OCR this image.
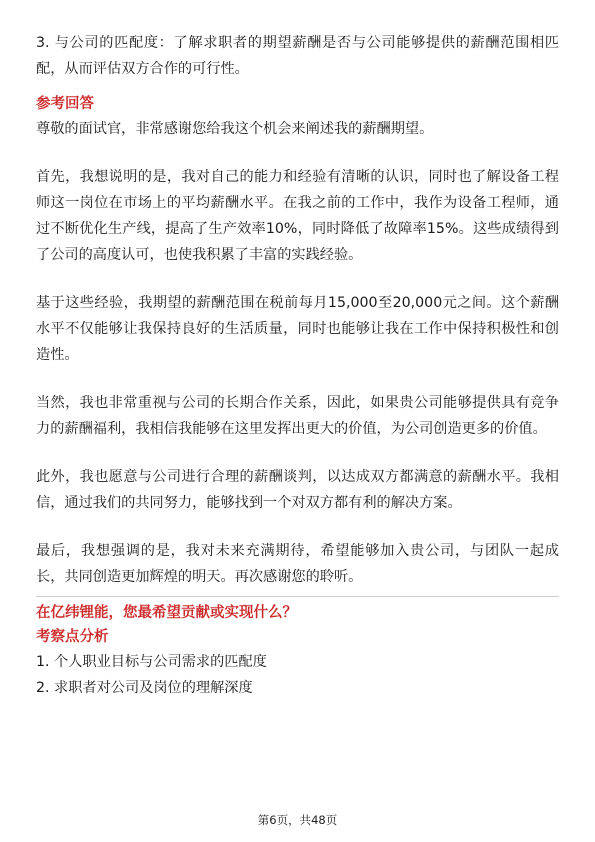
3. 与公司的匹配度：了解求职者的期望薪酬是否与公司能够提供的薪酬范围相匹配，从而评估双方合作的可行性。

参考回答

尊敬的面试官，非常感谢您给我这个机会来阐述我的薪酬期望。

首先，我想说明的是，我对自己的能力和经验有清晰的认识，同时也了解设备工程师这一岗位在市场上的平均薪酬水平。在我之前的工作中，我作为设备工程师，通过不断优化生产线，提高了生产效率10%，同时降低了故障率15%。这些成绩得到了公司的高度认可，也使我积累了丰富的实践经验。

基于这些经验，我期望的薪酬范围在税前每月15,000至20,000元之间。这个薪酬水平不仅能够让我保持良好的生活质量，同时也能够让我在工作中保持积极性和创造性。

当然，我也非常重视与公司的长期合作关系，因此，如果贵公司能够提供具有竞争力的薪酬福利，我相信我能够在这里发挥出更大的价值，为公司创造更多的价值。

此外，我也愿意与公司进行合理的薪酬谈判，以达成双方都满意的薪酬水平。我相信，通过我们的共同努力，能够找到一个对双方都有利的解决方案。

最后，我想强调的是，我对未来充满期待，希望能够加入贵公司，与团队一起成长，共同创造更加辉煌的明天。再次感谢您的聆听。

在亿纬锂能，您最希望贡献或实现什么？

考察点分析

1. 个人职业目标与公司需求的匹配度

2. 求职者对公司及岗位的理解深度

第6页，共48页
